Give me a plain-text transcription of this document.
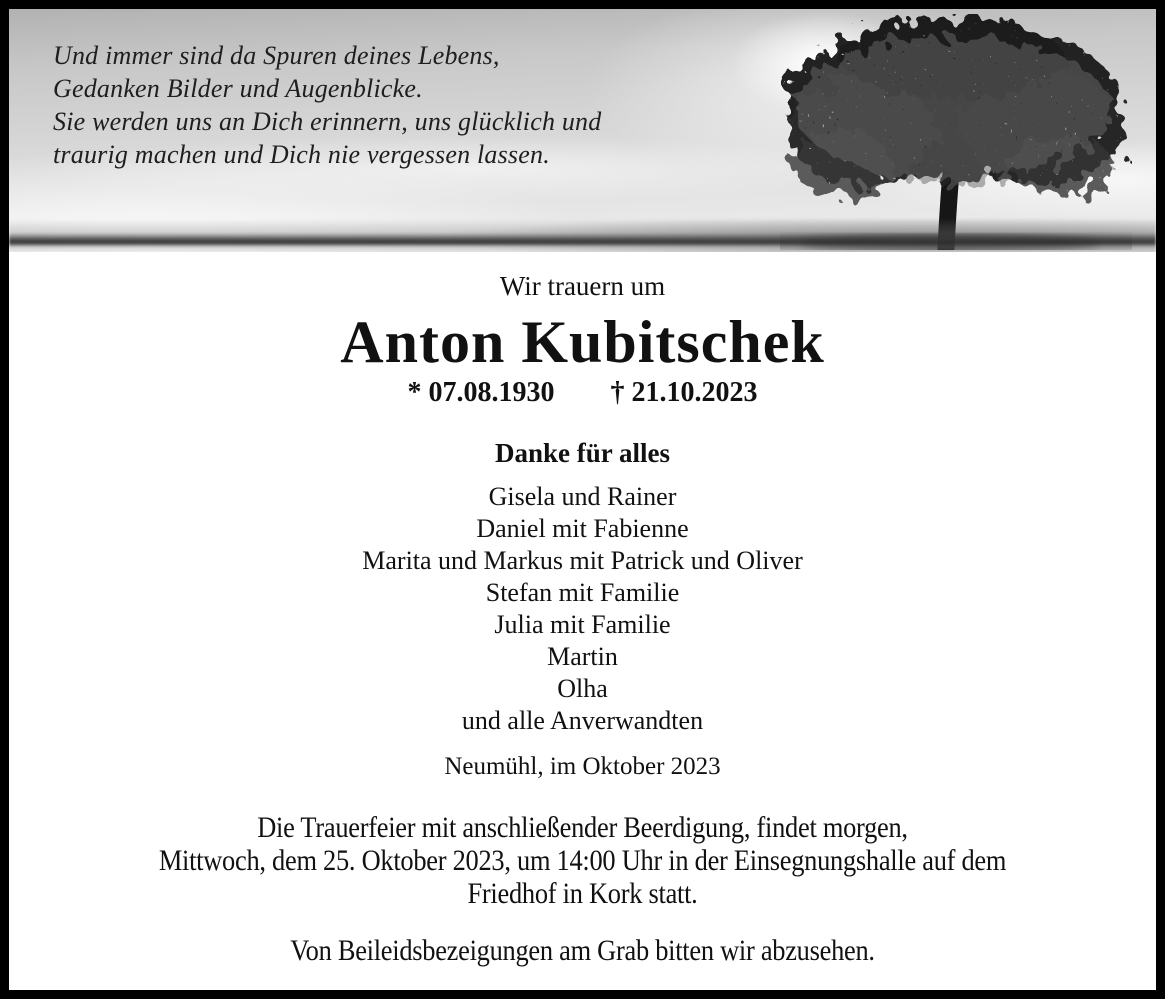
Und immer sind da Spuren deines Lebens,
Gedanken Bilder und Augenblicke.
Sie werden uns an Dich erinnern, uns glücklich und
traurig machen und Dich nie vergessen lassen.
Wir trauern um
Anton Kubitschek
* 07.08.1930 † 21.10.2023
Danke für alles
Gisela und Rainer
Daniel mit Fabienne
Marita und Markus mit Patrick und Oliver
Stefan mit Familie
Julia mit Familie
Martin
Olha
und alle Anverwandten
Neumühl, im Oktober 2023
Die Trauerfeier mit anschließender Beerdigung, findet morgen,
Mittwoch, dem 25. Oktober 2023, um 14:00 Uhr in der Einsegnungshalle auf dem
Friedhof in Kork statt.
Von Beileidsbezeigungen am Grab bitten wir abzusehen.
